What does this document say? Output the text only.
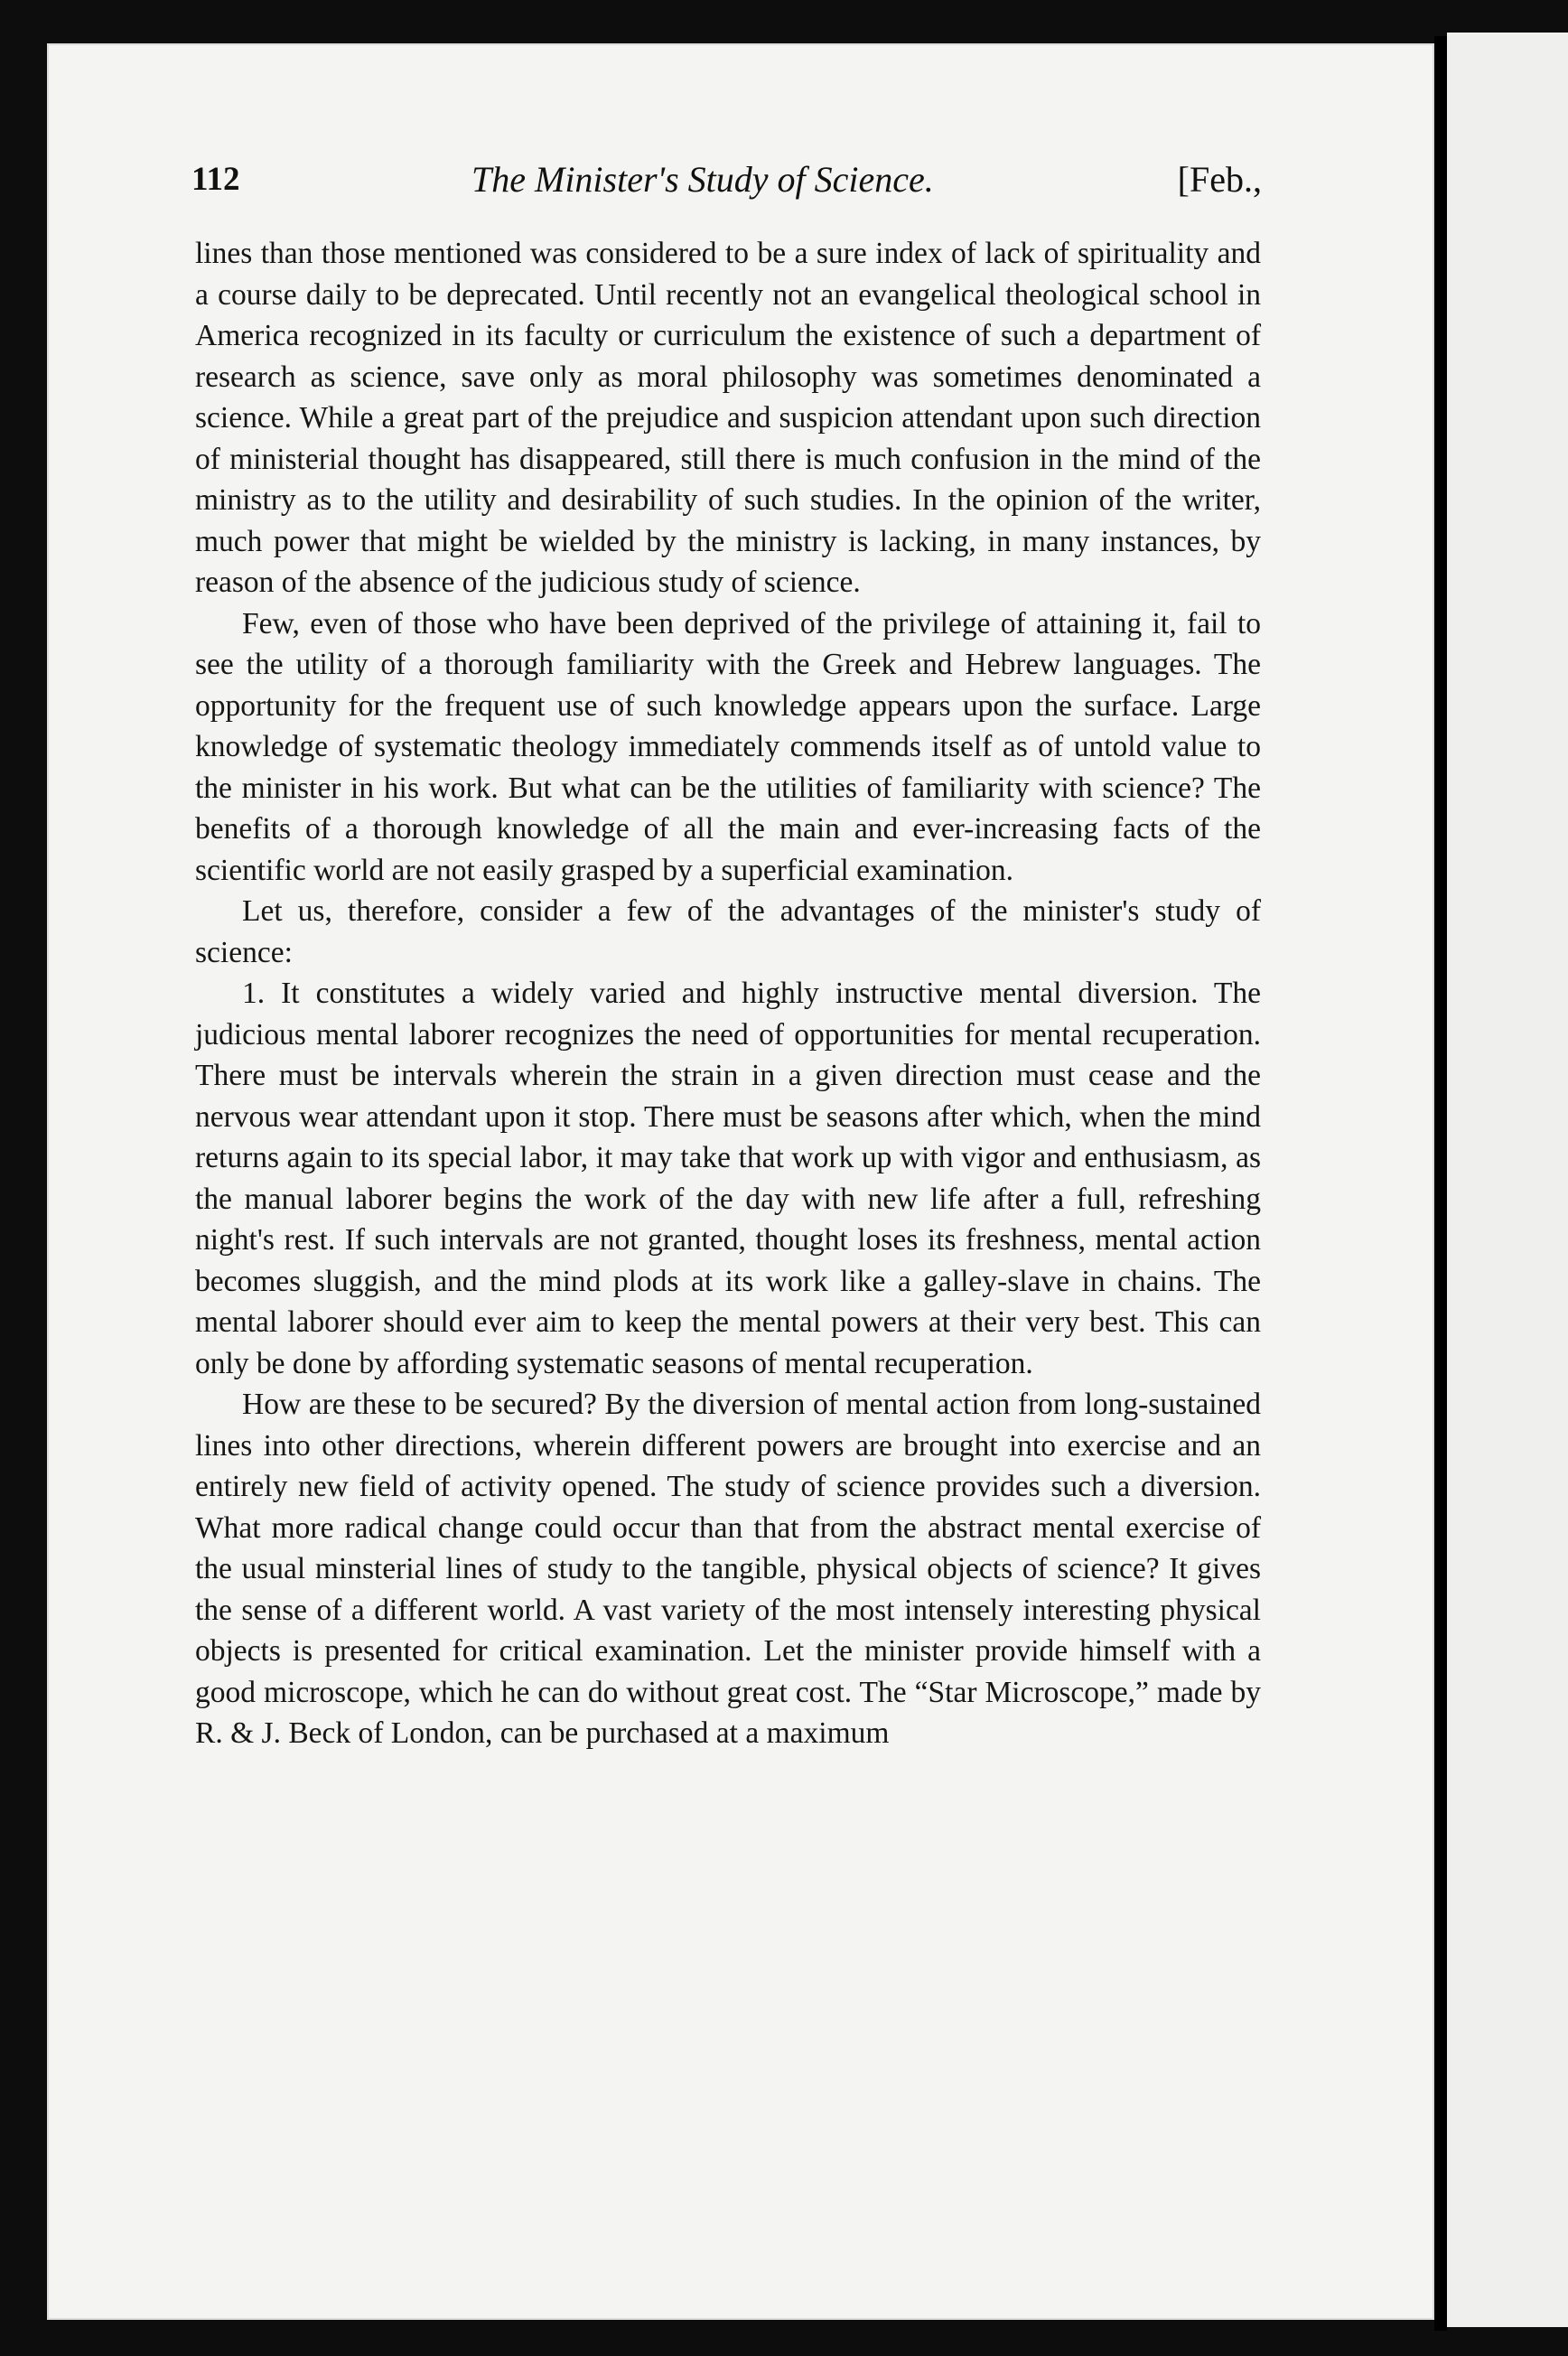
112	The Minister's Study of Science.	[Feb.,

lines than those mentioned was considered to be a sure index of lack of spirituality and a course daily to be deprecated. Until recently not an evangelical theological school in America recognized in its faculty or curriculum the existence of such a department of research as science, save only as moral philosophy was sometimes denominated a science. While a great part of the prejudice and suspicion attendant upon such direction of ministerial thought has disappeared, still there is much confusion in the mind of the ministry as to the utility and desirability of such studies. In the opinion of the writer, much power that might be wielded by the ministry is lacking, in many instances, by reason of the absence of the judicious study of science.

Few, even of those who have been deprived of the privilege of attaining it, fail to see the utility of a thorough familiarity with the Greek and Hebrew languages. The opportunity for the frequent use of such knowledge appears upon the surface. Large knowledge of systematic theology immediately commends itself as of untold value to the minister in his work. But what can be the utilities of familiarity with science? The benefits of a thorough knowledge of all the main and ever-increasing facts of the scientific world are not easily grasped by a superficial examination.

Let us, therefore, consider a few of the advantages of the minister's study of science:

1. It constitutes a widely varied and highly instructive mental diversion. The judicious mental laborer recognizes the need of opportunities for mental recuperation. There must be intervals wherein the strain in a given direction must cease and the nervous wear attendant upon it stop. There must be seasons after which, when the mind returns again to its special labor, it may take that work up with vigor and enthusiasm, as the manual laborer begins the work of the day with new life after a full, refreshing night's rest. If such intervals are not granted, thought loses its freshness, mental action becomes sluggish, and the mind plods at its work like a galley-slave in chains. The mental laborer should ever aim to keep the mental powers at their very best. This can only be done by affording systematic seasons of mental recuperation.

How are these to be secured? By the diversion of mental action from long-sustained lines into other directions, wherein different powers are brought into exercise and an entirely new field of activity opened. The study of science provides such a diversion. What more radical change could occur than that from the abstract mental exercise of the usual minsterial lines of study to the tangible, physical objects of science? It gives the sense of a different world. A vast variety of the most intensely interesting physical objects is presented for critical examination. Let the minister provide himself with a good microscope, which he can do without great cost. The “Star Microscope,” made by R. & J. Beck of London, can be purchased at a maximum
